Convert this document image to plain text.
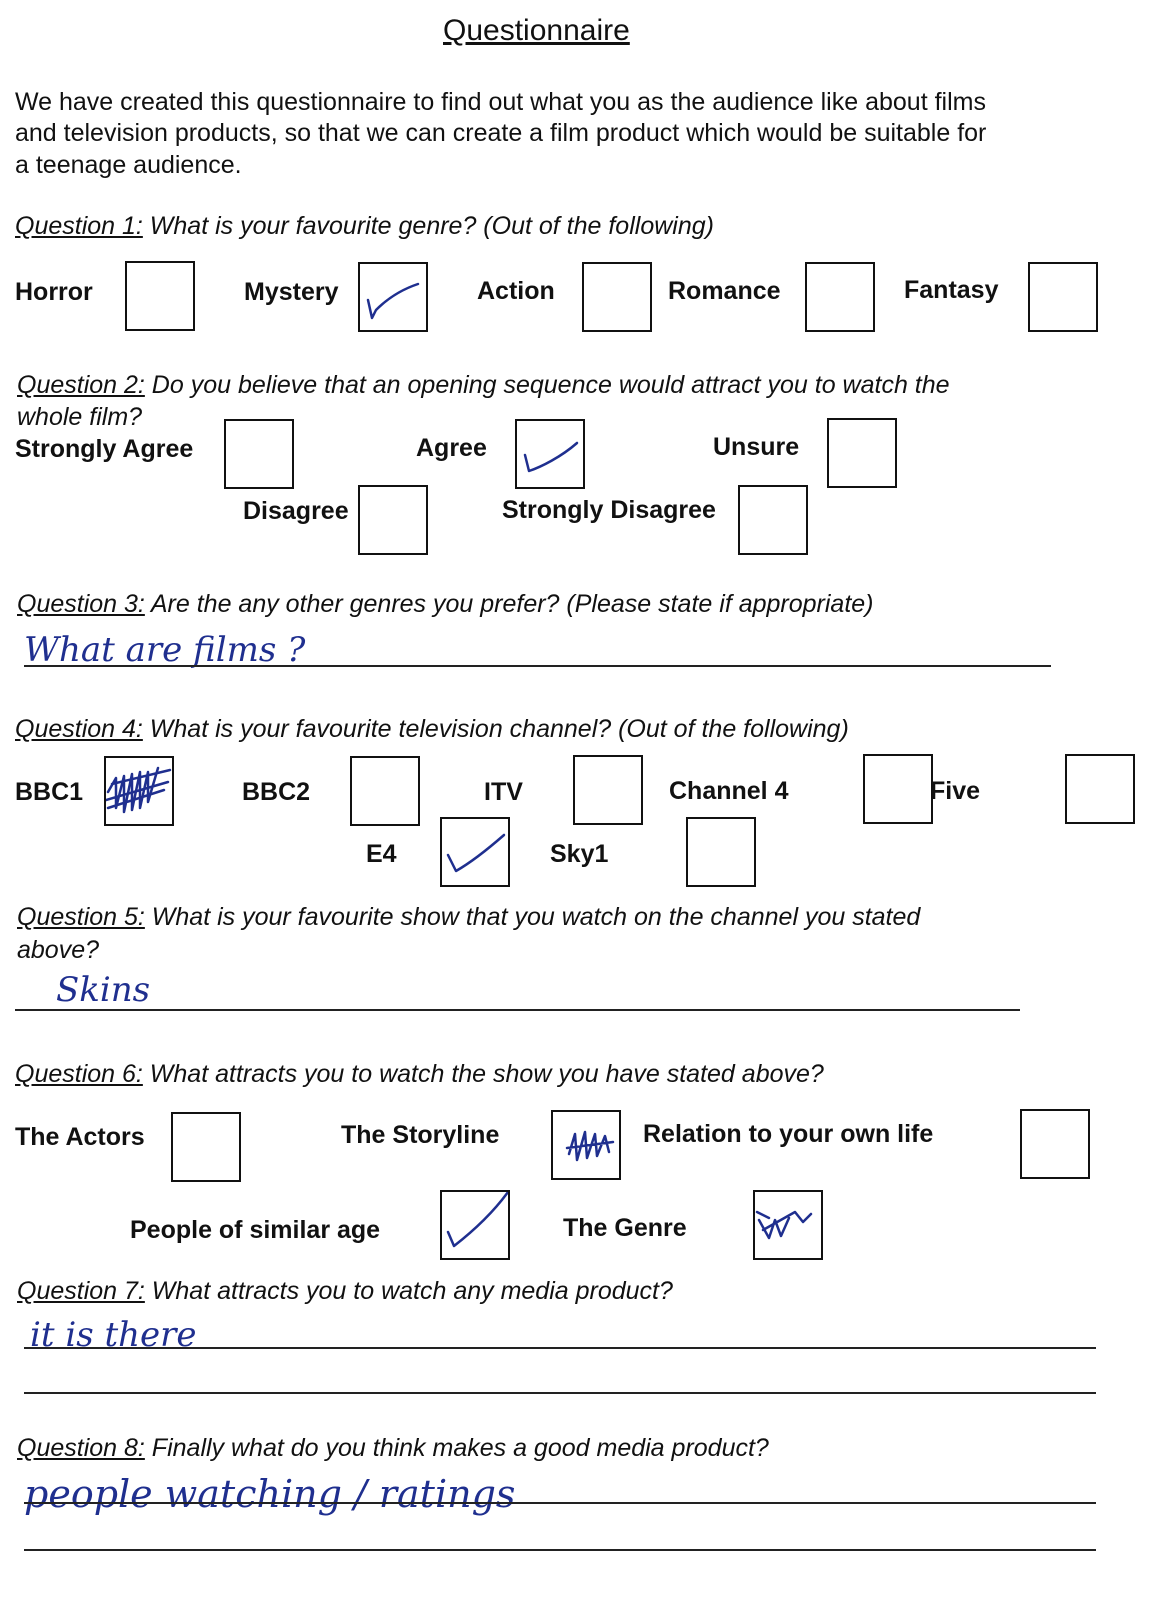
Questionnaire
We have created this questionnaire to find out what you as the audience like about films
and television products, so that we can create a film product which would be suitable for
a teenage audience.
Question 1: What is your favourite genre? (Out of the following)
Horror	Mystery	Action	Romance	Fantasy
Question 2: Do you believe that an opening sequence would attract you to watch the
whole film?
Strongly Agree	Agree	Unsure
Disagree	Strongly Disagree
Question 3: Are the any other genres you prefer? (Please state if appropriate)
What are films ?
Question 4: What is your favourite television channel? (Out of the following)
BBC1	BBC2	ITV	Channel 4	Five
E4	Sky1
Question 5: What is your favourite show that you watch on the channel you stated
above?
Skins
Question 6: What attracts you to watch the show you have stated above?
The Actors	The Storyline	Relation to your own life
People of similar age	The Genre
Question 7: What attracts you to watch any media product?
it is there
Question 8: Finally what do you think makes a good media product?
people watching / ratings
